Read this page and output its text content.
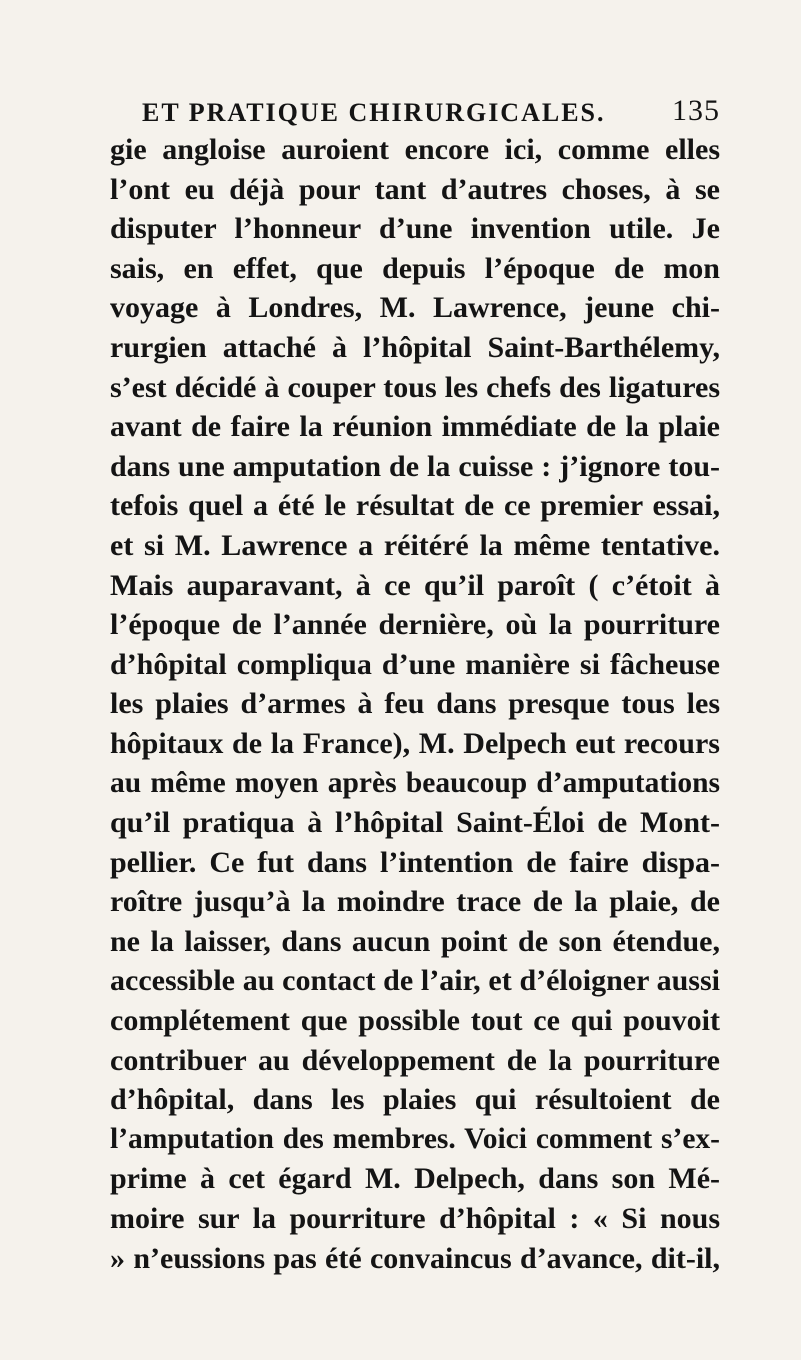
ET PRATIQUE CHIRURGICALES. 135
gie angloise auroient encore ici, comme elles
l’ont eu déjà pour tant d’autres choses, à se
disputer l’honneur d’une invention utile. Je
sais, en effet, que depuis l’époque de mon
voyage à Londres, M. Lawrence, jeune chi-
rurgien attaché à l’hôpital Saint-Barthélemy,
s’est décidé à couper tous les chefs des ligatures
avant de faire la réunion immédiate de la plaie
dans une amputation de la cuisse : j’ignore tou-
tefois quel a été le résultat de ce premier essai,
et si M. Lawrence a réitéré la même tentative.
Mais auparavant, à ce qu’il paroît ( c’étoit à
l’époque de l’année dernière, où la pourriture
d’hôpital compliqua d’une manière si fâcheuse
les plaies d’armes à feu dans presque tous les
hôpitaux de la France), M. Delpech eut recours
au même moyen après beaucoup d’amputations
qu’il pratiqua à l’hôpital Saint-Éloi de Mont-
pellier. Ce fut dans l’intention de faire dispa-
roître jusqu’à la moindre trace de la plaie, de
ne la laisser, dans aucun point de son étendue,
accessible au contact de l’air, et d’éloigner aussi
complétement que possible tout ce qui pouvoit
contribuer au développement de la pourriture
d’hôpital, dans les plaies qui résultoient de
l’amputation des membres. Voici comment s’ex-
prime à cet égard M. Delpech, dans son Mé-
moire sur la pourriture d’hôpital : « Si nous
» n’eussions pas été convaincus d’avance, dit-il,
